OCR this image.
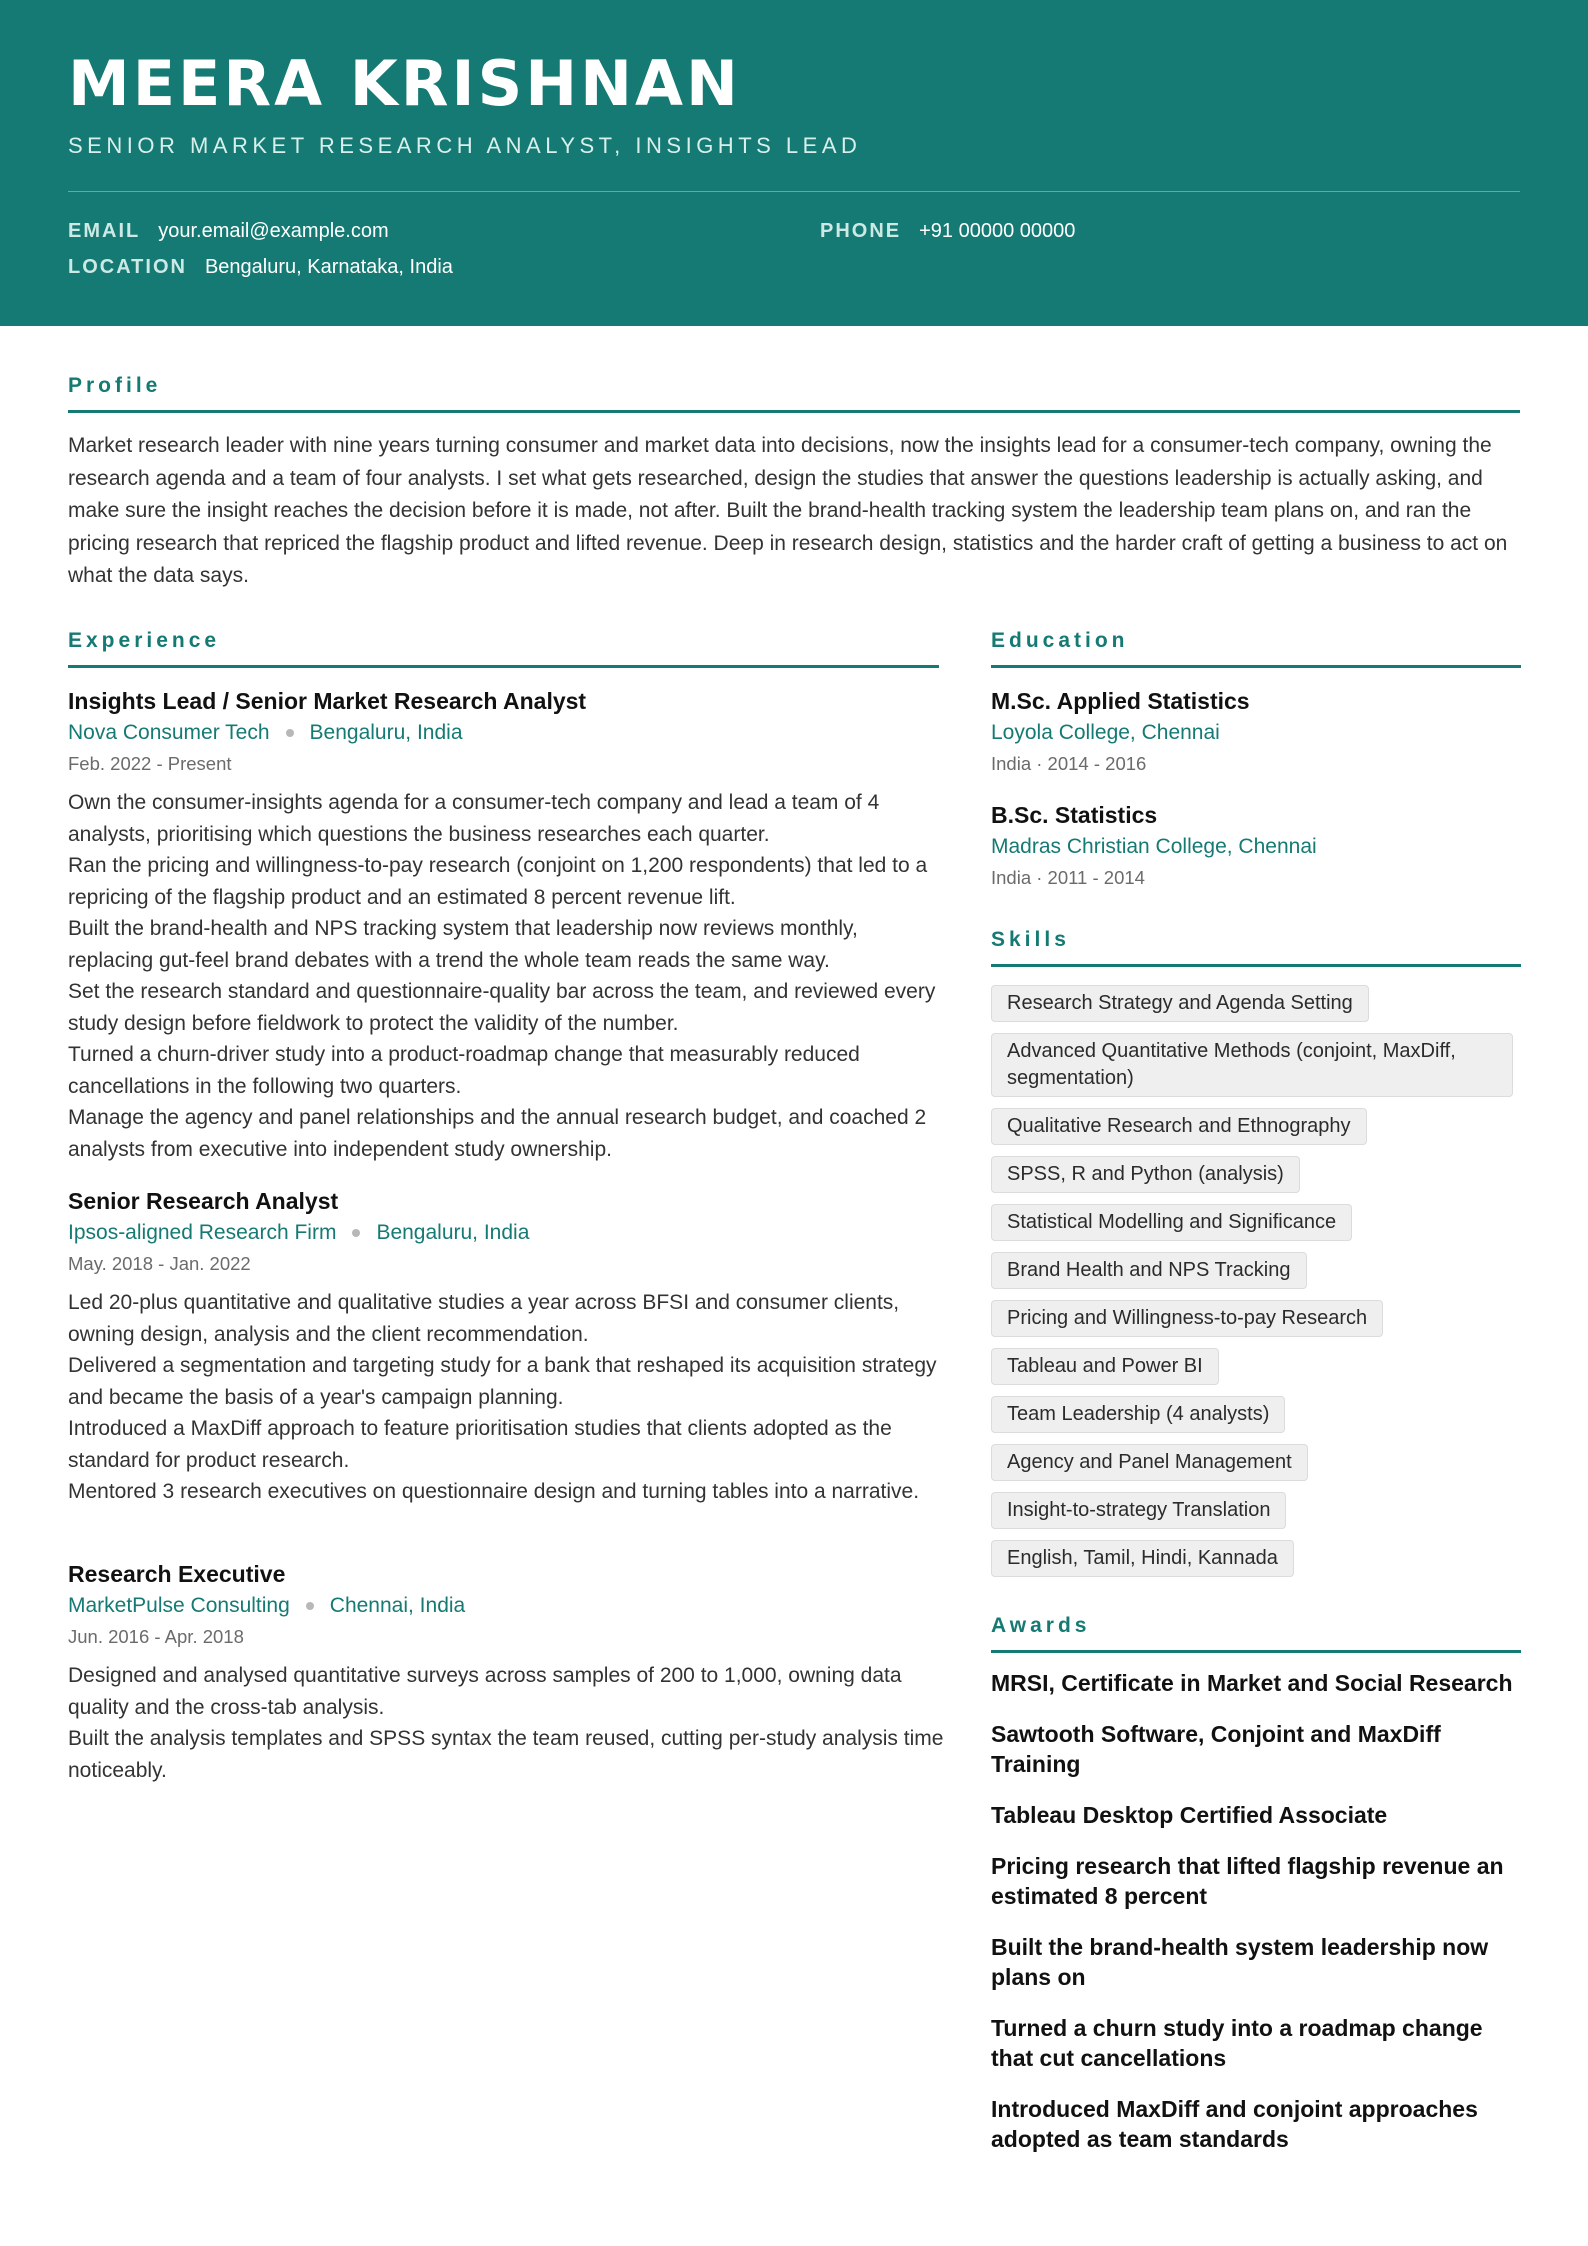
MEERA KRISHNAN
SENIOR MARKET RESEARCH ANALYST, INSIGHTS LEAD
EMAIL your.email@example.com	PHONE +91 00000 00000
LOCATION Bengaluru, Karnataka, India
Profile
Market research leader with nine years turning consumer and market data into decisions, now the insights lead for a consumer-tech company, owning the research agenda and a team of four analysts. I set what gets researched, design the studies that answer the questions leadership is actually asking, and make sure the insight reaches the decision before it is made, not after. Built the brand-health tracking system the leadership team plans on, and ran the pricing research that repriced the flagship product and lifted revenue. Deep in research design, statistics and the harder craft of getting a business to act on what the data says.
Experience
Insights Lead / Senior Market Research Analyst
Nova Consumer Tech Bengaluru, India
Feb. 2022 - Present
Own the consumer-insights agenda for a consumer-tech company and lead a team of 4 analysts, prioritising which questions the business researches each quarter.
Ran the pricing and willingness-to-pay research (conjoint on 1,200 respondents) that led to a repricing of the flagship product and an estimated 8 percent revenue lift.
Built the brand-health and NPS tracking system that leadership now reviews monthly, replacing gut-feel brand debates with a trend the whole team reads the same way.
Set the research standard and questionnaire-quality bar across the team, and reviewed every study design before fieldwork to protect the validity of the number.
Turned a churn-driver study into a product-roadmap change that measurably reduced cancellations in the following two quarters.
Manage the agency and panel relationships and the annual research budget, and coached 2 analysts from executive into independent study ownership.
Senior Research Analyst
Ipsos-aligned Research Firm Bengaluru, India
May. 2018 - Jan. 2022
Led 20-plus quantitative and qualitative studies a year across BFSI and consumer clients, owning design, analysis and the client recommendation.
Delivered a segmentation and targeting study for a bank that reshaped its acquisition strategy and became the basis of a year's campaign planning.
Introduced a MaxDiff approach to feature prioritisation studies that clients adopted as the standard for product research.
Mentored 3 research executives on questionnaire design and turning tables into a narrative.
Research Executive
MarketPulse Consulting Chennai, India
Jun. 2016 - Apr. 2018
Designed and analysed quantitative surveys across samples of 200 to 1,000, owning data quality and the cross-tab analysis.
Built the analysis templates and SPSS syntax the team reused, cutting per-study analysis time noticeably.
Education
M.Sc. Applied Statistics
Loyola College, Chennai
India · 2014 - 2016
B.Sc. Statistics
Madras Christian College, Chennai
India · 2011 - 2014
Skills
Research Strategy and Agenda Setting
Advanced Quantitative Methods (conjoint, MaxDiff, segmentation)
Qualitative Research and Ethnography
SPSS, R and Python (analysis)
Statistical Modelling and Significance
Brand Health and NPS Tracking
Pricing and Willingness-to-pay Research
Tableau and Power BI
Team Leadership (4 analysts)
Agency and Panel Management
Insight-to-strategy Translation
English, Tamil, Hindi, Kannada
Awards
MRSI, Certificate in Market and Social Research
Sawtooth Software, Conjoint and MaxDiff Training
Tableau Desktop Certified Associate
Pricing research that lifted flagship revenue an estimated 8 percent
Built the brand-health system leadership now plans on
Turned a churn study into a roadmap change that cut cancellations
Introduced MaxDiff and conjoint approaches adopted as team standards
